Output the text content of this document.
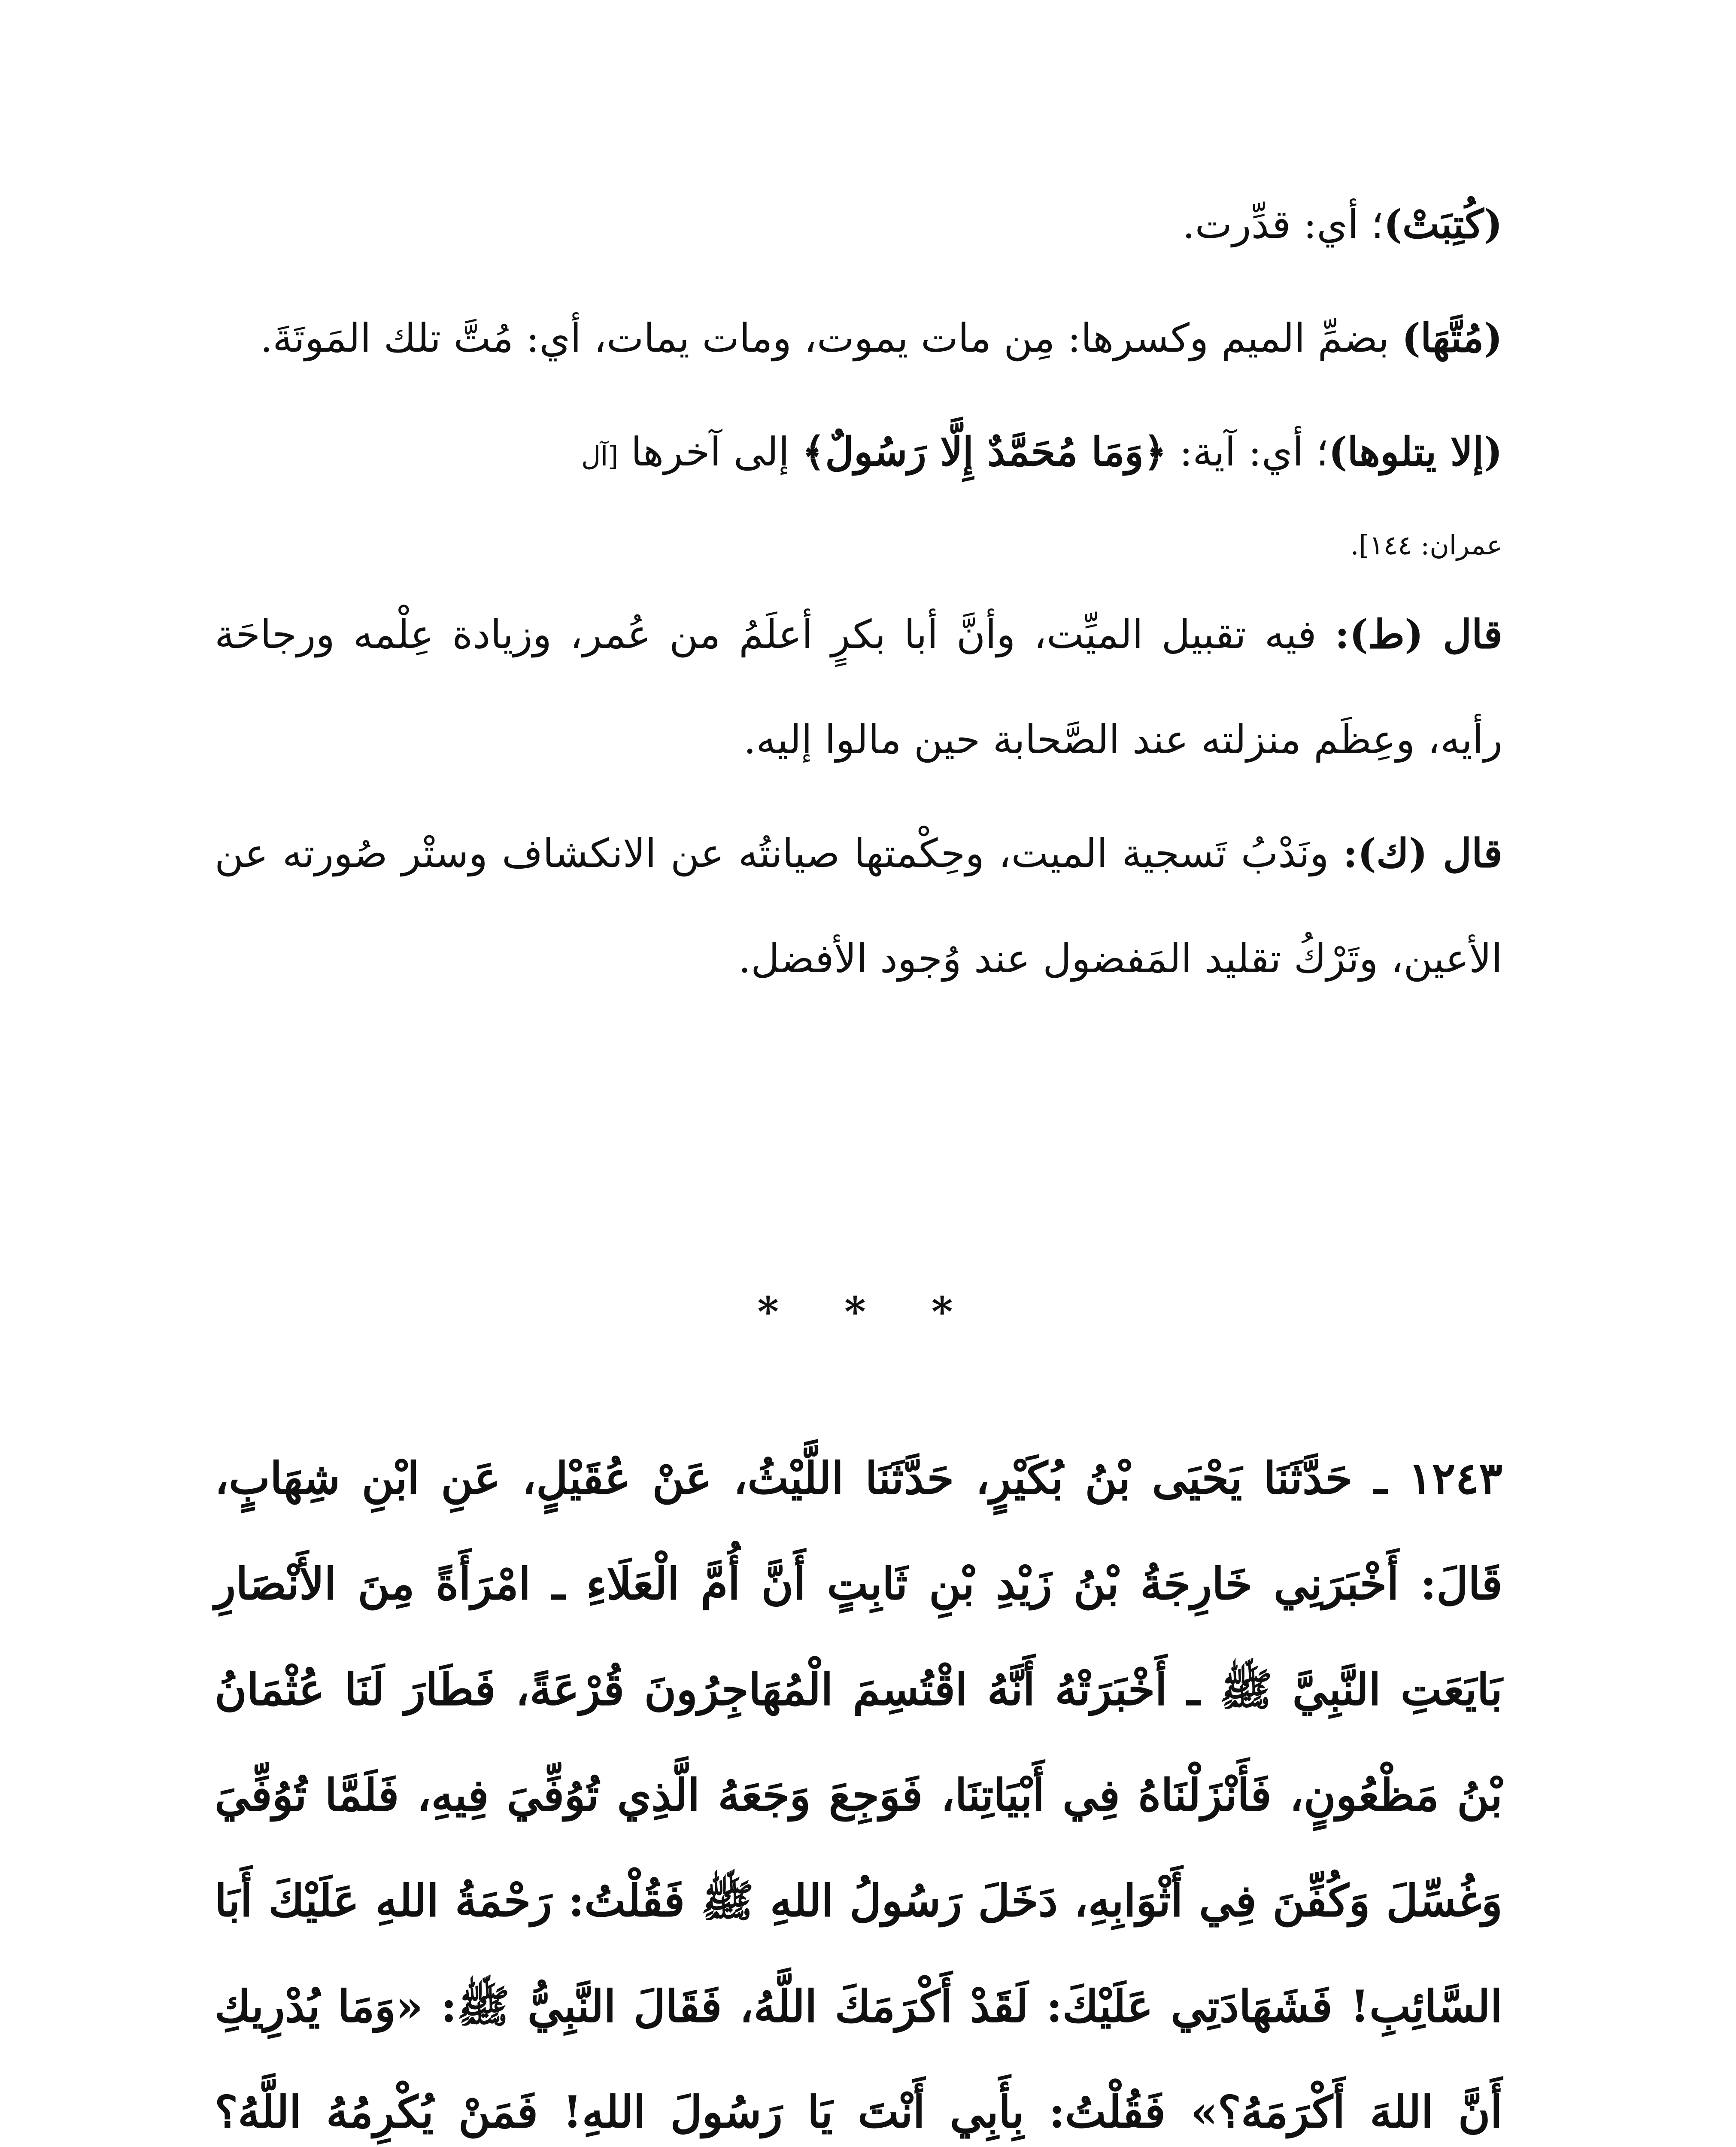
(كُتِبَتْ)؛ أي: قدِّرت.

(مُتَّهَا) بضمِّ الميم وكسرها: مِن مات يموت، ومات يمات، أي: مُتَّ تلك المَوتَةَ.

(إلا يتلوها)؛ أي: آية: ﴿وَمَا مُحَمَّدٌ إِلَّا رَسُولٌ﴾ إلى آخرها [آل

عمران: ١٤٤].

قال (ط): فيه تقبيل الميِّت، وأنَّ أبا بكرٍ أعلَمُ من عُمر، وزيادة عِلْمه ورجاحَة رأيه، وعِظَم منزلته عند الصَّحابة حين مالوا إليه.

قال (ك): ونَدْبُ تَسجية الميت، وحِكْمتها صيانتُه عن الانكشاف وستْر صُورته عن الأعين، وتَرْكُ تقليد المَفضول عند وُجود الأفضل.

* * *
١٢٤٣ ـ حَدَّثَنَا يَحْيَى بْنُ بُكَيْرٍ، حَدَّثَنَا اللَّيْثُ، عَنْ عُقَيْلٍ، عَنِ ابْنِ شِهَابٍ، قَالَ: أَخْبَرَنِي خَارِجَةُ بْنُ زَيْدِ بْنِ ثَابِتٍ أَنَّ أُمَّ الْعَلَاءِ ـ امْرَأَةً مِنَ الأَنْصَارِ بَايَعَتِ النَّبِيَّ ﷺ ـ أَخْبَرَتْهُ أَنَّهُ اقْتُسِمَ الْمُهَاجِرُونَ قُرْعَةً، فَطَارَ لَنَا عُثْمَانُ بْنُ مَظْعُونٍ، فَأَنْزَلْنَاهُ فِي أَبْيَاتِنَا، فَوَجِعَ وَجَعَهُ الَّذِي تُوُفِّيَ فِيهِ، فَلَمَّا تُوُفِّيَ وَغُسِّلَ وَكُفِّنَ فِي أَثْوَابِهِ، دَخَلَ رَسُولُ اللهِ ﷺ فَقُلْتُ: رَحْمَةُ اللهِ عَلَيْكَ أَبَا السَّائِبِ! فَشَهَادَتِي عَلَيْكَ: لَقَدْ أَكْرَمَكَ اللَّهُ، فَقَالَ النَّبِيُّ ﷺ: «وَمَا يُدْرِيكِ أَنَّ اللهَ أَكْرَمَهُ؟» فَقُلْتُ: بِأَبِي أَنْتَ يَا رَسُولَ اللهِ! فَمَنْ يُكْرِمُهُ اللَّهُ؟
